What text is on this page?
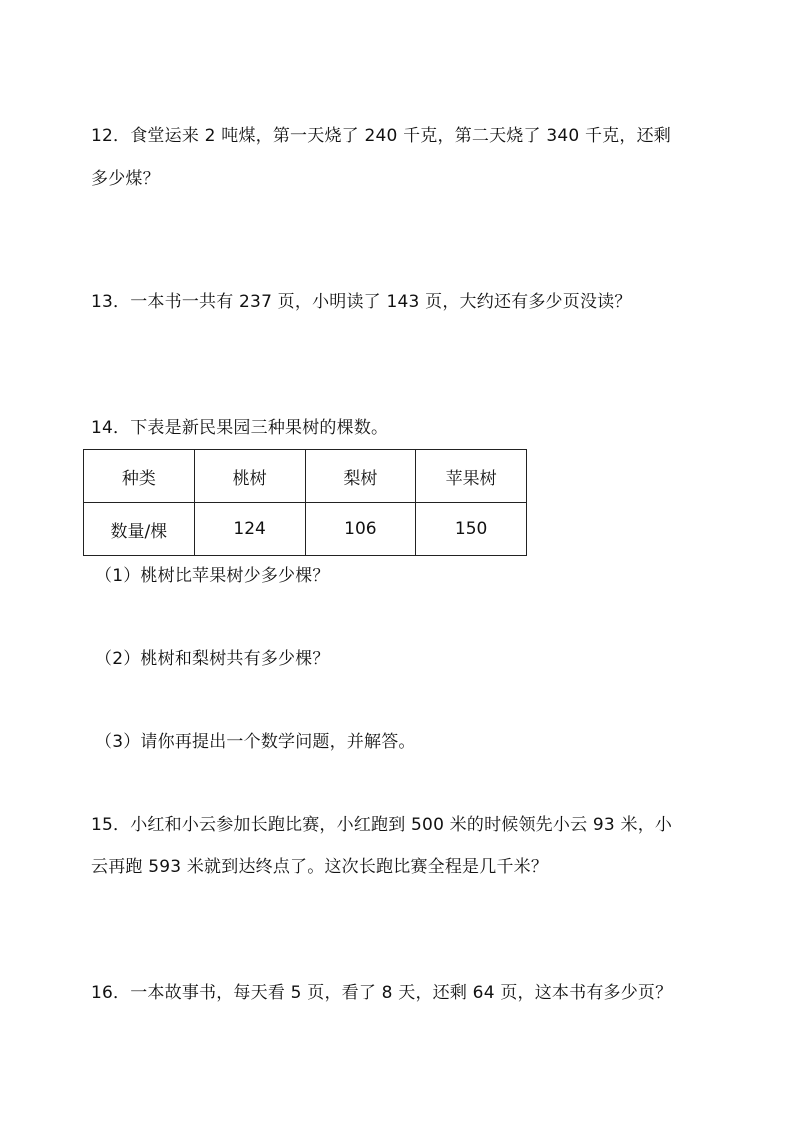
12．食堂运来 2 吨煤，第一天烧了 240 千克，第二天烧了 340 千克，还剩
多少煤？
13．一本书一共有 237 页，小明读了 143 页，大约还有多少页没读？
14．下表是新民果园三种果树的棵数。
种类	桃树	梨树	苹果树
数量/棵	124	106	150
（1）桃树比苹果树少多少棵？
（2）桃树和梨树共有多少棵？
（3）请你再提出一个数学问题，并解答。
15．小红和小云参加长跑比赛，小红跑到 500 米的时候领先小云 93 米，小
云再跑 593 米就到达终点了。这次长跑比赛全程是几千米？
16．一本故事书，每天看 5 页，看了 8 天，还剩 64 页，这本书有多少页？
